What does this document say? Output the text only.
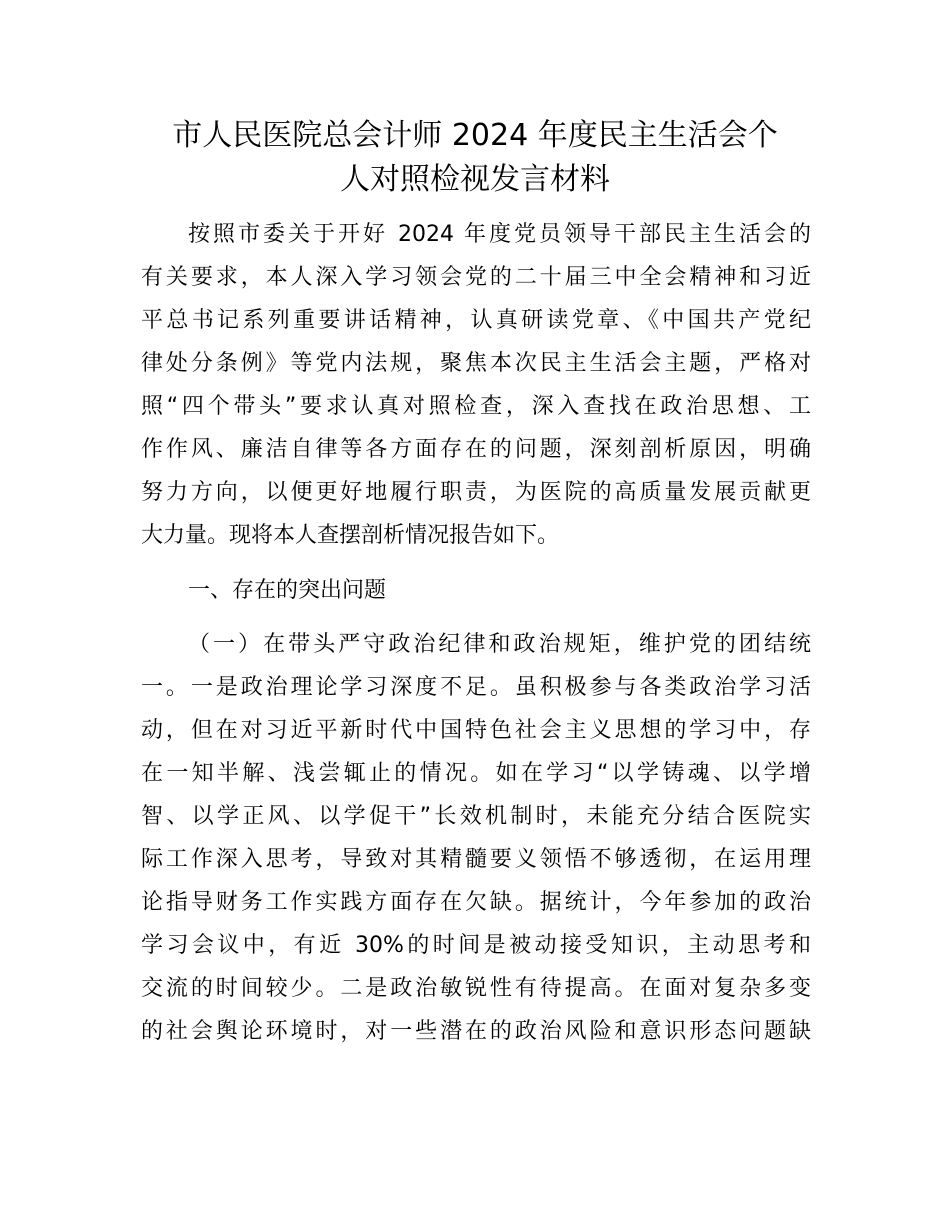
市人民医院总会计师 2024 年度民主生活会个
人对照检视发言材料
按照市委关于开好 2024 年度党员领导干部民主生活会的
有关要求，本人深入学习领会党的二十届三中全会精神和习近
平总书记系列重要讲话精神，认真研读党章、《中国共产党纪
律处分条例》等党内法规，聚焦本次民主生活会主题，严格对
照“四个带头”要求认真对照检查，深入查找在政治思想、工
作作风、廉洁自律等各方面存在的问题，深刻剖析原因，明确
努力方向，以便更好地履行职责，为医院的高质量发展贡献更
大力量。现将本人查摆剖析情况报告如下。
一、存在的突出问题
（一）在带头严守政治纪律和政治规矩，维护党的团结统
一。一是政治理论学习深度不足。虽积极参与各类政治学习活
动，但在对习近平新时代中国特色社会主义思想的学习中，存
在一知半解、浅尝辄止的情况。如在学习“以学铸魂、以学增
智、以学正风、以学促干”长效机制时，未能充分结合医院实
际工作深入思考，导致对其精髓要义领悟不够透彻，在运用理
论指导财务工作实践方面存在欠缺。据统计，今年参加的政治
学习会议中，有近 30%的时间是被动接受知识，主动思考和
交流的时间较少。二是政治敏锐性有待提高。在面对复杂多变
的社会舆论环境时，对一些潜在的政治风险和意识形态问题缺
